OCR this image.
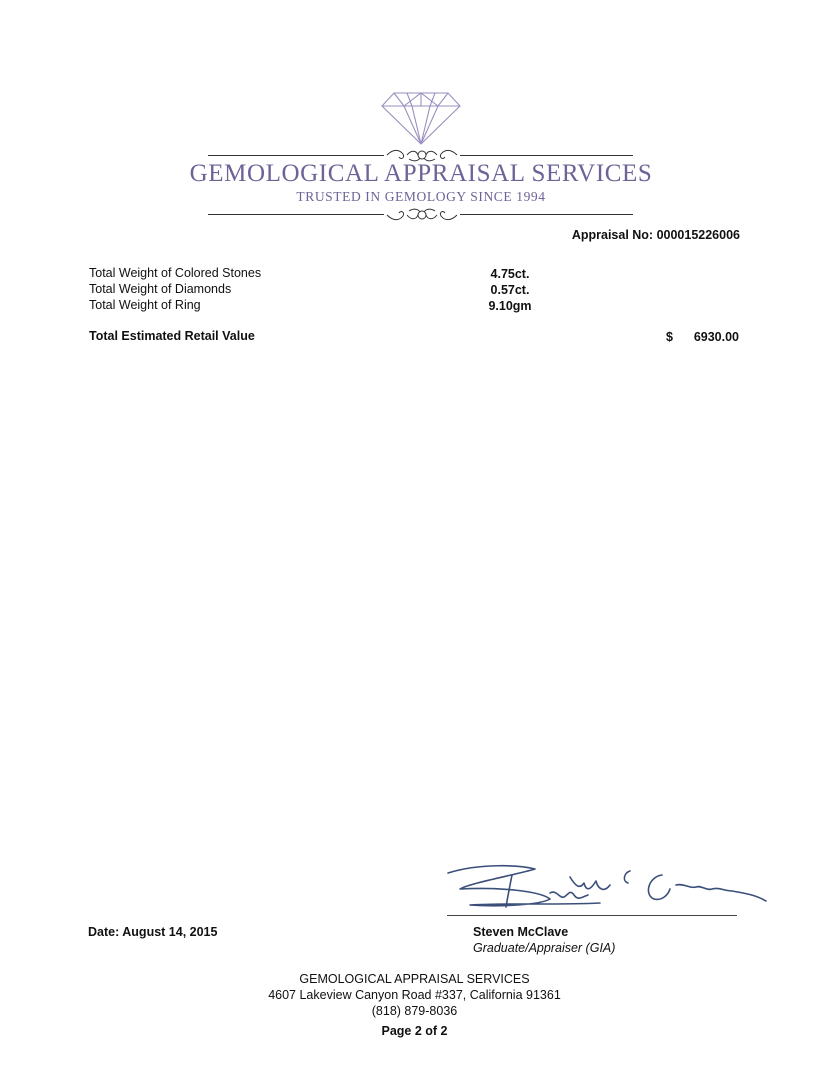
GEMOLOGICAL APPRAISAL SERVICES
TRUSTED IN GEMOLOGY SINCE 1994
Appraisal No: 000015226006
Total Weight of Colored Stones	4.75ct.
Total Weight of Diamonds	0.57ct.
Total Weight of Ring	9.10gm
Total Estimated Retail Value	$	6930.00
Steven McClave
Graduate/Appraiser (GIA)
Date: August 14, 2015
GEMOLOGICAL APPRAISAL SERVICES
4607 Lakeview Canyon Road #337, California 91361
(818) 879-8036
Page 2 of 2
